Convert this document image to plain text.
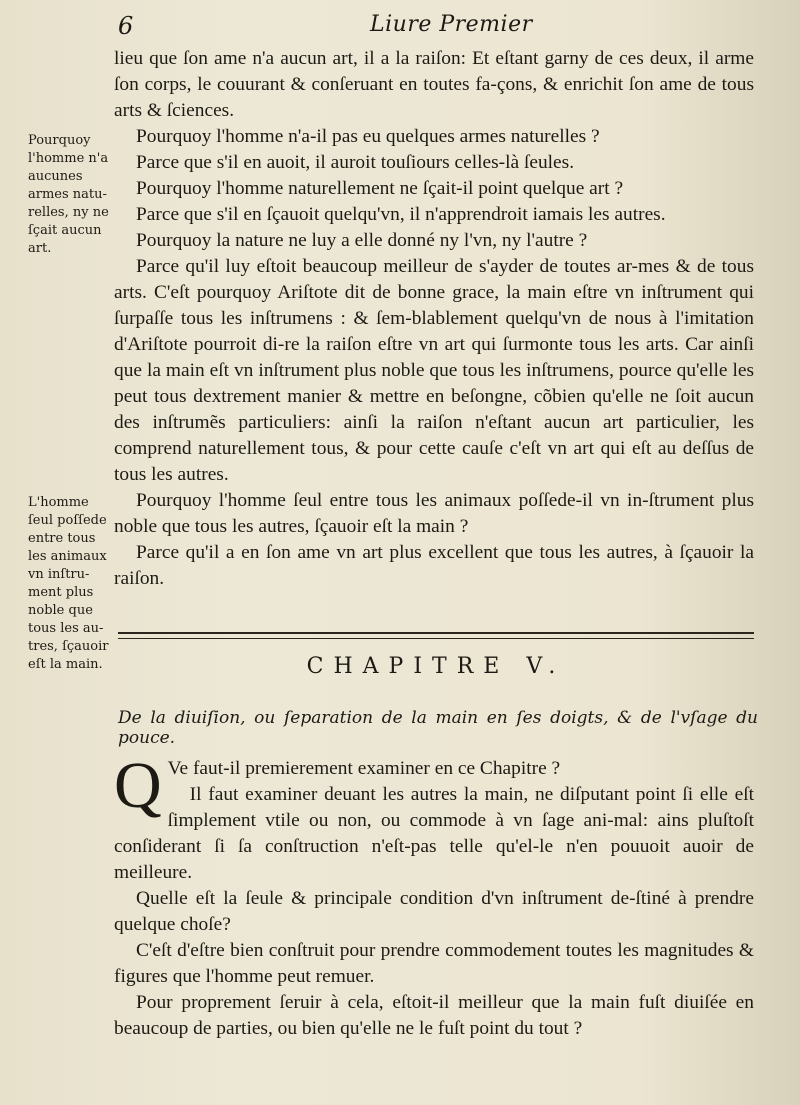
6	Liure Premier
Pourquoy l'homme n'a aucunes armes natu-relles, ny ne ſçait aucun art.
L'homme ſeul poſſede entre tous les animaux vn inſtru-ment plus noble que tous les au-tres, ſçauoir eſt la main.

lieu que ſon ame n'a aucun art, il a la raiſon: Et eſtant garny de ces deux, il arme ſon corps, le couurant & conſeruant en toutes fa-çons, & enrichit ſon ame de tous arts & ſciences.

Pourquoy l'homme n'a-il pas eu quelques armes naturelles ?

Parce que s'il en auoit, il auroit touſiours celles-là ſeules.

Pourquoy l'homme naturellement ne ſçait-il point quelque art ?

Parce que s'il en ſçauoit quelqu'vn, il n'apprendroit iamais les autres.

Pourquoy la nature ne luy a elle donné ny l'vn, ny l'autre ?

Parce qu'il luy eſtoit beaucoup meilleur de s'ayder de toutes ar-mes & de tous arts. C'eſt pourquoy Ariſtote dit de bonne grace, la main eſtre vn inſtrument qui ſurpaſſe tous les inſtrumens : & ſem-blablement quelqu'vn de nous à l'imitation d'Ariſtote pourroit di-re la raiſon eſtre vn art qui ſurmonte tous les arts. Car ainſi que la main eſt vn inſtrument plus noble que tous les inſtrumens, pource qu'elle les peut tous dextrement manier & mettre en beſongne, cõbien qu'elle ne ſoit aucun des inſtrumẽs particuliers: ainſi la raiſon n'eſtant aucun art particulier, les comprend naturellement tous, & pour cette cauſe c'eſt vn art qui eſt au deſſus de tous les autres.

Pourquoy l'homme ſeul entre tous les animaux poſſede-il vn in-ſtrument plus noble que tous les autres, ſçauoir eſt la main ?

Parce qu'il a en ſon ame vn art plus excellent que tous les autres, à ſçauoir la raiſon.

CHAPITRE V.
De la diuiſion, ou ſeparation de la main en ſes doigts, & de l'vſage du pouce.
Q Ve faut-il premierement examiner en ce Chapitre ?

Il faut examiner deuant les autres la main, ne diſputant point ſi elle eſt ſimplement vtile ou non, ou commode à vn ſage ani-mal: ains pluſtoſt conſiderant ſi ſa conſtruction n'eſt-pas telle qu'el-le n'en pouuoit auoir de meilleure.

Quelle eſt la ſeule & principale condition d'vn inſtrument de-ſtiné à prendre quelque choſe?

C'eſt d'eſtre bien conſtruit pour prendre commodement toutes les magnitudes & figures que l'homme peut remuer.

Pour proprement ſeruir à cela, eſtoit-il meilleur que la main fuſt diuiſée en beaucoup de parties, ou bien qu'elle ne le fuſt point du tout ?
